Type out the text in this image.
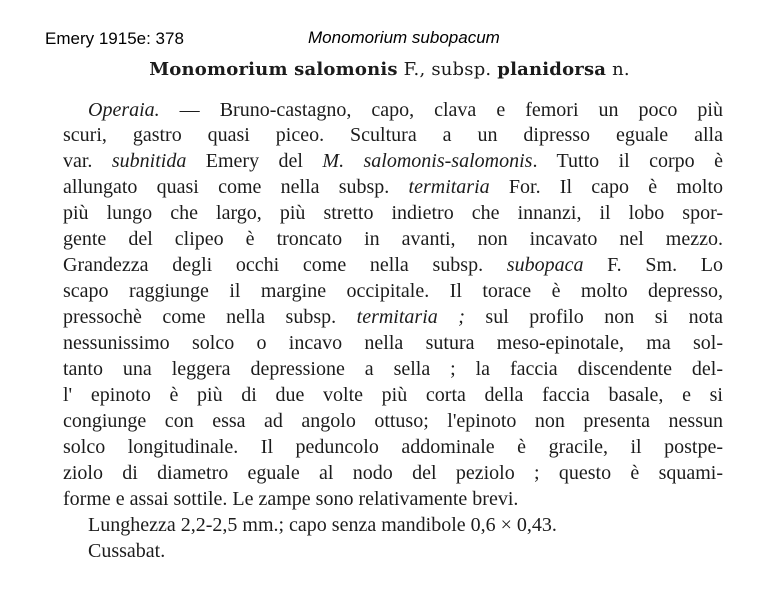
Emery 1915e: 378	Monomorium subopacum
Monomorium salomonis F., subsp. planidorsa n.
Operaia. — Bruno-castagno, capo, clava e femori un poco più
scuri, gastro quasi piceo. Scultura a un dipresso eguale alla
var. subnitida Emery del M. salomonis-salomonis. Tutto il corpo è
allungato quasi come nella subsp. termitaria For. Il capo è molto
più lungo che largo, più stretto indietro che innanzi, il lobo spor-
gente del clipeo è troncato in avanti, non incavato nel mezzo.
Grandezza degli occhi come nella subsp. subopaca F. Sm. Lo
scapo raggiunge il margine occipitale. Il torace è molto depresso,
pressochè come nella subsp. termitaria ; sul profilo non si nota
nessunissimo solco o incavo nella sutura meso-epinotale, ma sol-
tanto una leggera depressione a sella ; la faccia discendente del-
l' epinoto è più di due volte più corta della faccia basale, e si
congiunge con essa ad angolo ottuso; l'epinoto non presenta nessun
solco longitudinale. Il peduncolo addominale è gracile, il postpe-
ziolo di diametro eguale al nodo del peziolo ; questo è squami-
forme e assai sottile. Le zampe sono relativamente brevi.
Lunghezza 2,2-2,5 mm.; capo senza mandibole 0,6 × 0,43.
Cussabat.
